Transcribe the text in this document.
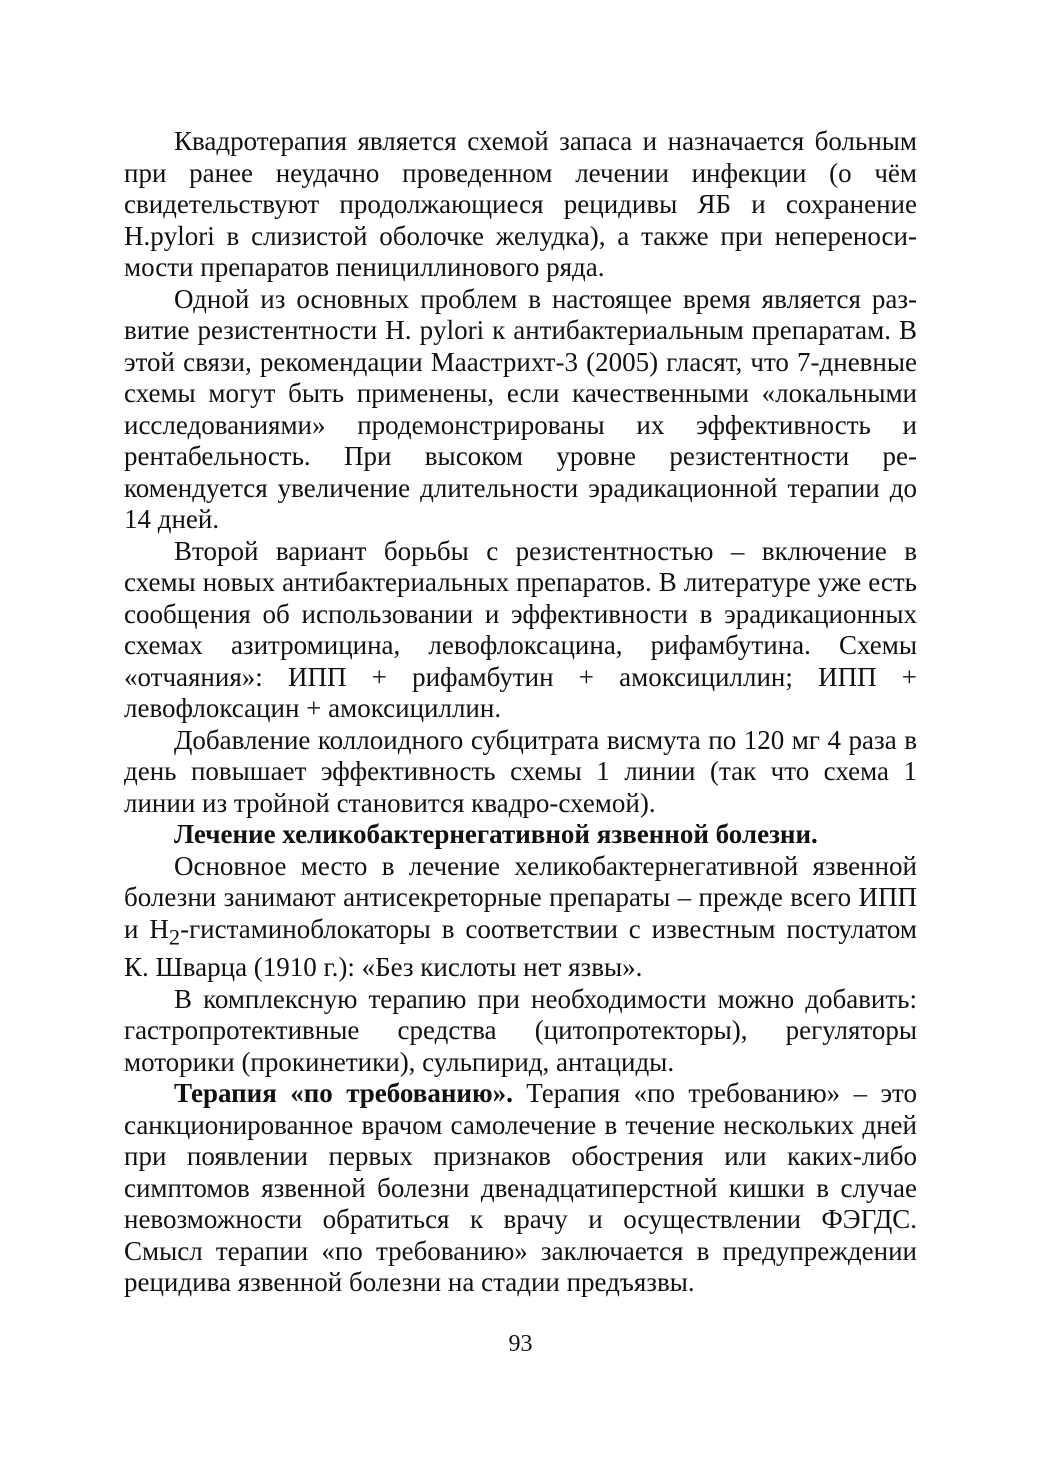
Квадротерапия является схемой запаса и назначается больным при ранее неудачно проведенном лечении инфекции (о чём свидетельствуют продолжающиеся рецидивы ЯБ и сохранение H.pylori в слизистой оболочке желудка), а также при непереносимости препаратов пенициллинового ряда.

Одной из основных проблем в настоящее время является развитие резистентности H. pylori к антибактериальным препаратам. В этой связи, рекомендации Маастрихт-3 (2005) гласят, что 7-дневные схемы могут быть применены, если качественными «локальными исследованиями» продемонстрированы их эффективность и рентабельность. При высоком уровне резистентности рекомендуется увеличение длительности эрадикационной терапии до 14 дней.

Второй вариант борьбы с резистентностью – включение в схемы новых антибактериальных препаратов. В литературе уже есть сообщения об использовании и эффективности в эрадикационных схемах азитромицина, левофлоксацина, рифамбутина. Схемы «отчаяния»: ИПП + рифамбутин + амоксициллин; ИПП + левофлоксацин + амоксициллин.

Добавление коллоидного субцитрата висмута по 120 мг 4 раза в день повышает эффективность схемы 1 линии (так что схема 1 линии из тройной становится квадро-схемой).

Лечение хеликобактернегативной язвенной болезни.

Основное место в лечение хеликобактернегативной язвенной болезни занимают антисекреторные препараты – прежде всего ИПП и $H_2$-гистаминоблокаторы в соответствии с известным постулатом К. Шварца (1910 г.): «Без кислоты нет язвы».

В комплексную терапию при необходимости можно добавить: гастропротективные средства (цитопротекторы), регуляторы моторики (прокинетики), сульпирид, антациды.

Терапия «по требованию». Терапия «по требованию» – это санкционированное врачом самолечение в течение нескольких дней при появлении первых признаков обострения или каких-либо симптомов язвенной болезни двенадцатиперстной кишки в случае невозможности обратиться к врачу и осуществлении ФЭГДС. Смысл терапии «по требованию» заключается в предупреждении рецидива язвенной болезни на стадии предъязвы.

93
